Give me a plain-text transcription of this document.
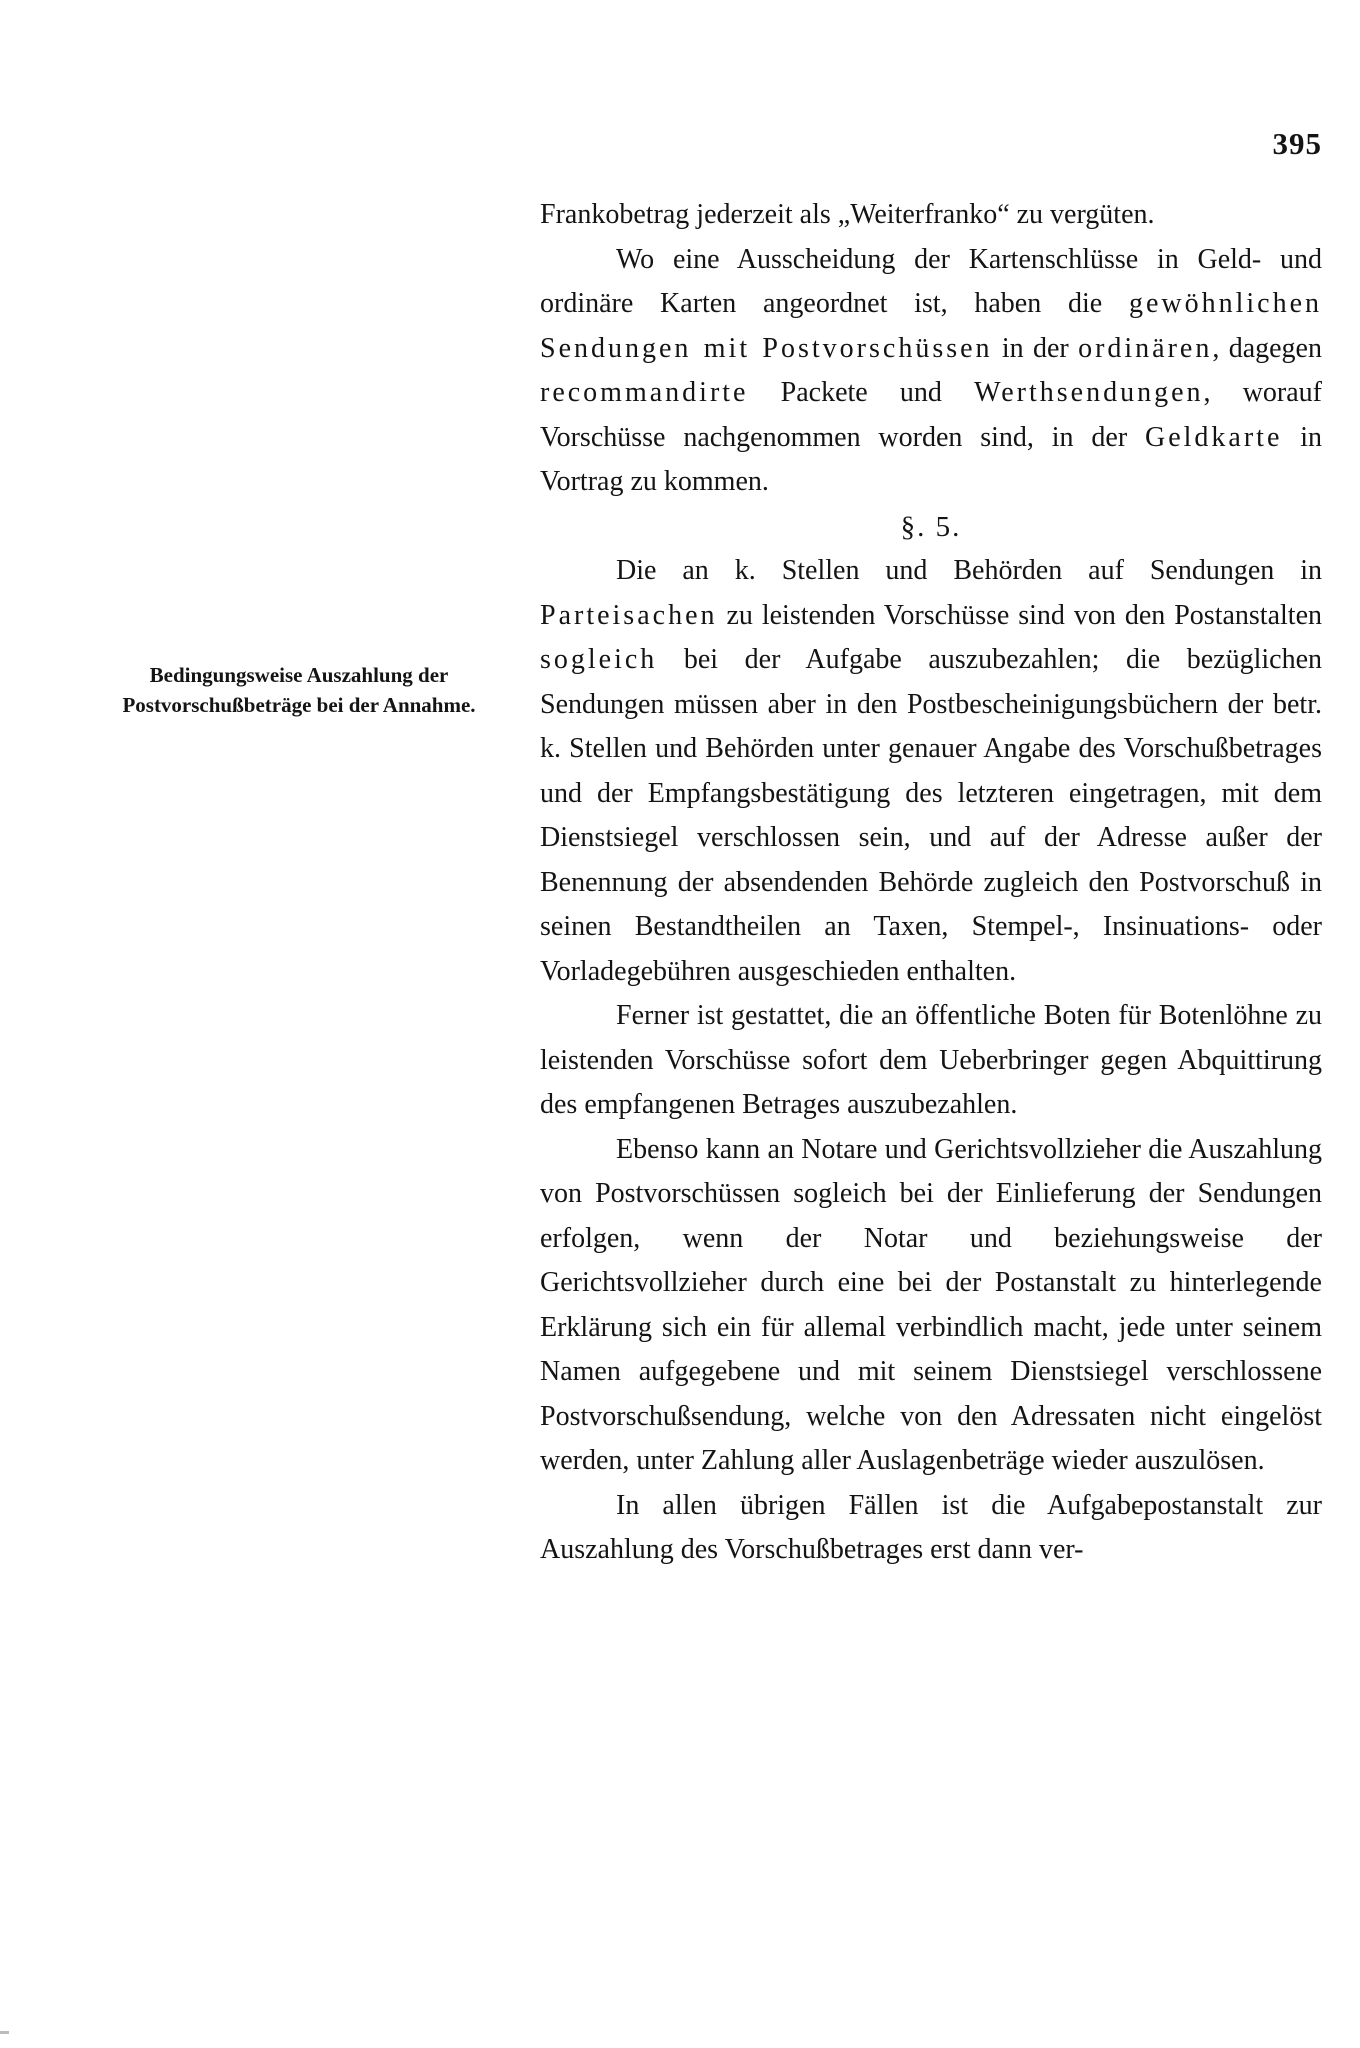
395
Bedingungsweise Auszahlung der Postvorschußbeträge bei der Annahme.

Frankobetrag jederzeit als „Weiterfranko“ zu vergüten.

Wo eine Ausscheidung der Kartenschlüsse in Geld- und ordinäre Karten angeordnet ist, haben die gewöhnlichen Sendungen mit Postvorschüssen in der ordinären, dagegen recommandirte Packete und Werthsendungen, worauf Vorschüsse nachgenommen worden sind, in der Geldkarte in Vortrag zu kommen.

§. 5.

Die an k. Stellen und Behörden auf Sendungen in Parteisachen zu leistenden Vorschüsse sind von den Postanstalten sogleich bei der Aufgabe auszubezahlen; die bezüglichen Sendungen müssen aber in den Postbescheinigungsbüchern der betr. k. Stellen und Behörden unter genauer Angabe des Vorschußbetrages und der Empfangsbestätigung des letzteren eingetragen, mit dem Dienstsiegel verschlossen sein, und auf der Adresse außer der Benennung der absendenden Behörde zugleich den Postvorschuß in seinen Bestandtheilen an Taxen, Stempel-, Insinuations- oder Vorladegebühren ausgeschieden enthalten.

Ferner ist gestattet, die an öffentliche Boten für Botenlöhne zu leistenden Vorschüsse sofort dem Ueberbringer gegen Abquittirung des empfangenen Betrages auszubezahlen.

Ebenso kann an Notare und Gerichtsvollzieher die Auszahlung von Postvorschüssen sogleich bei der Einlieferung der Sendungen erfolgen, wenn der Notar und beziehungsweise der Gerichtsvollzieher durch eine bei der Postanstalt zu hinterlegende Erklärung sich ein für allemal verbindlich macht, jede unter seinem Namen aufgegebene und mit seinem Dienstsiegel verschlossene Postvorschußsendung, welche von den Adressaten nicht eingelöst werden, unter Zahlung aller Auslagenbeträge wieder auszulösen.

In allen übrigen Fällen ist die Aufgabepostanstalt zur Auszahlung des Vorschußbetrages erst dann ver-
